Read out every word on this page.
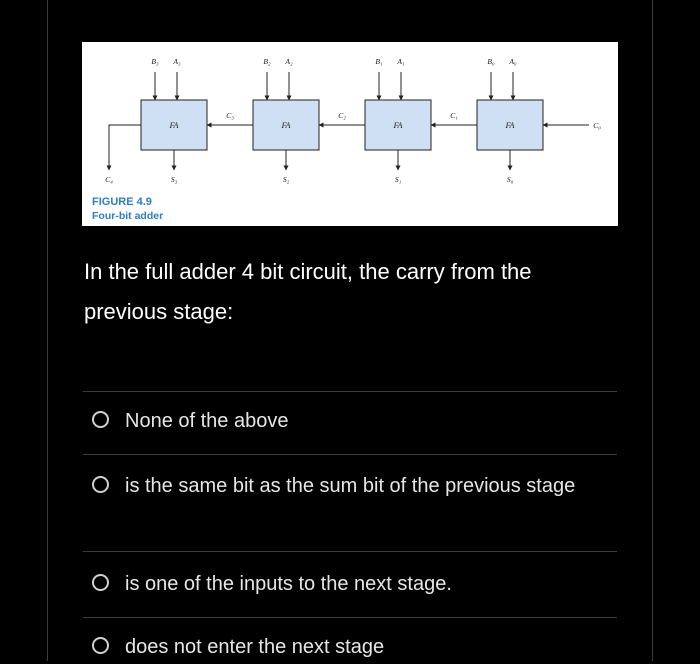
FA
B₃ A₃
S₃
FA
B₂ A₂
S₂
FA
B₁ A₁
S₁
FA
B₀ A₀
S₀
C₃	C₂	C₁
C₀
C₄
FIGURE 4.9
Four-bit adder
In the full adder 4 bit circuit, the carry from the previous stage:
None of the above
is the same bit as the sum bit of the previous stage
is one of the inputs to the next stage.
does not enter the next stage
